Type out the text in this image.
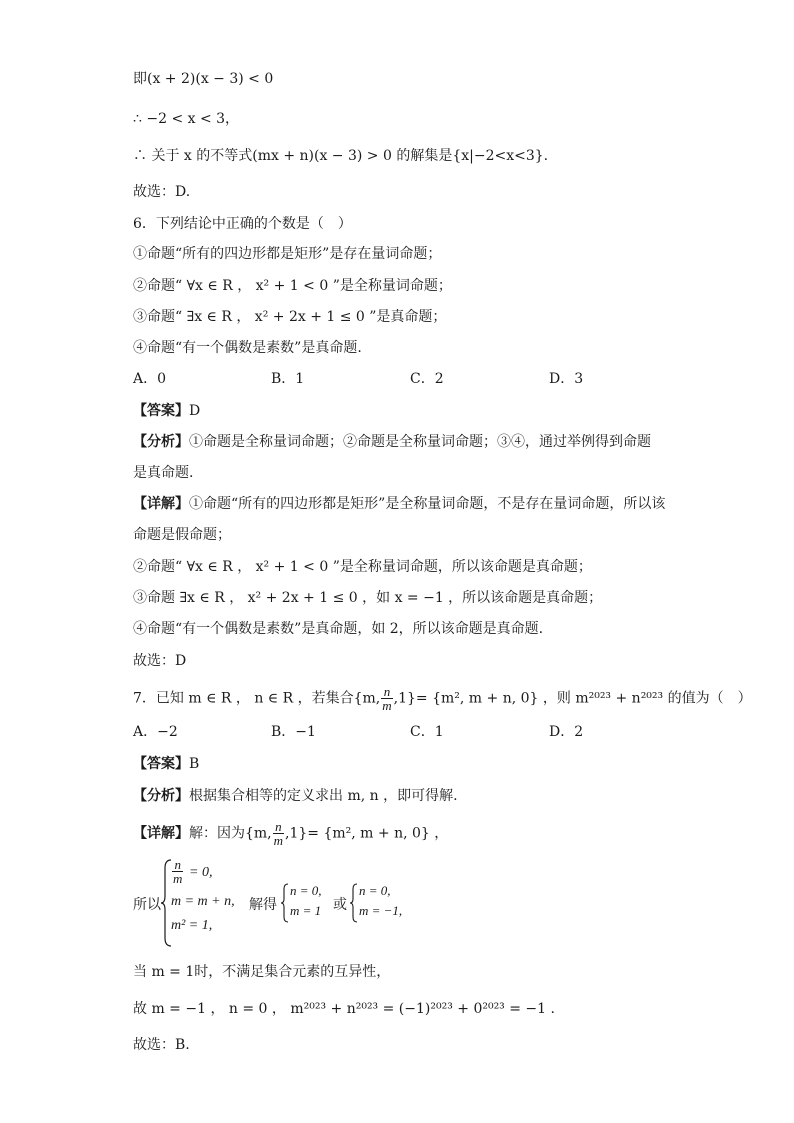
即(x + 2)(x − 3) < 0
∴ −2 < x < 3，
∴ 关于 x 的不等式(mx + n)(x − 3) > 0 的解集是{x|−2<x<3}.
故选：D.
6．下列结论中正确的个数是（　）
①命题“所有的四边形都是矩形”是存在量词命题；
②命题“ ∀x ∈ R ， x² + 1 < 0 ”是全称量词命题；
③命题“ ∃x ∈ R ， x² + 2x + 1 ≤ 0 ”是真命题；
④命题“有一个偶数是素数”是真命题.
A．0	B．1	C．2	D．3
【答案】D
【分析】①命题是全称量词命题；②命题是全称量词命题；③④，通过举例得到命题
是真命题.
【详解】①命题“所有的四边形都是矩形”是全称量词命题，不是存在量词命题，所以该
命题是假命题；
②命题“ ∀x ∈ R ， x² + 1 < 0 ”是全称量词命题，所以该命题是真命题；
③命题 ∃x ∈ R ， x² + 2x + 1 ≤ 0 ，如 x = −1 ，所以该命题是真命题；
④命题“有一个偶数是素数”是真命题，如 2，所以该命题是真命题.
故选：D
7．已知 m ∈ R ， n ∈ R ，若集合{m, $\frac{n}{m} ,1\}= \{m^2$, m + n, 0} ，则 m²⁰²³ + n²⁰²³ 的值为（　）
A．−2	B．−1	C．1	D．2
【答案】B
【分析】根据集合相等的定义求出 m, n ，即可得解.
【详解】解：因为{m, $\frac{n}{m} ,1\}= \{m^2$, m + n, 0} ，
所以
$\frac{n}{m} = 0$,
m = m + n, 解得
n = 0,
m = 1 或
n = 0,
m = −1,
m² = 1,
当 m = 1时，不满足集合元素的互异性，
故 m = −1 ， n = 0 ， m²⁰²³ + n²⁰²³ = (−1)²⁰²³ + 0²⁰²³ = −1 .
故选：B.
